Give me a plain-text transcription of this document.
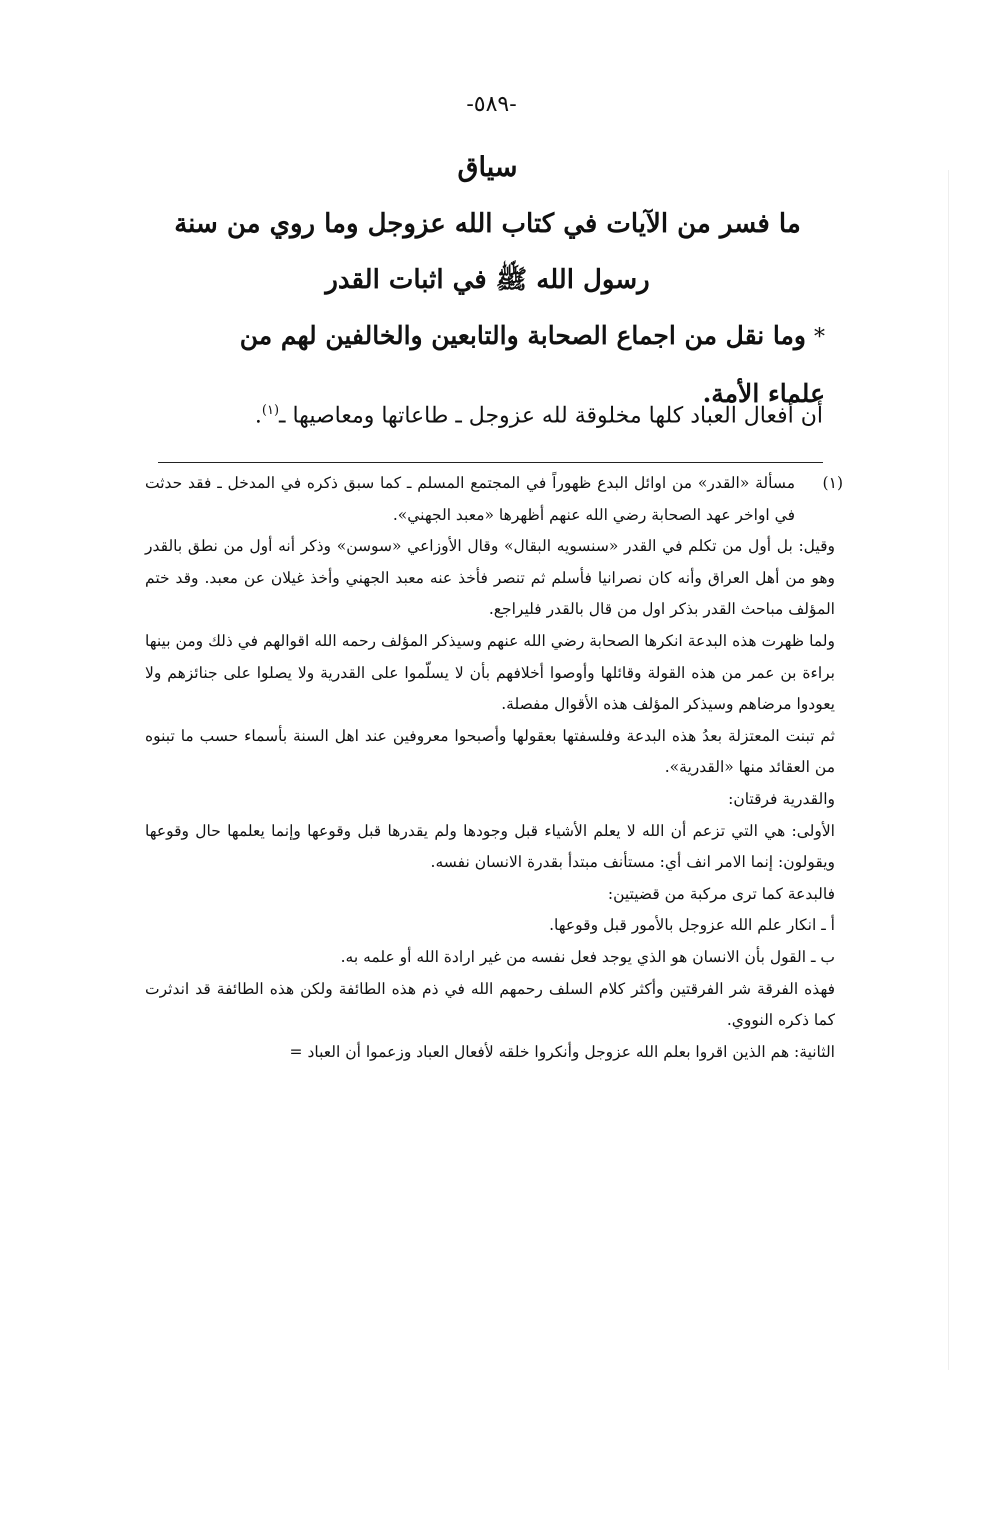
-٥٨٩-
سياق
ما فسر من الآيات في كتاب الله عزوجل وما روي من سنة
رسول الله ﷺ في اثبات القدر
*وما نقل من اجماع الصحابة والتابعين والخالفين لهم من
علماء الأمة.
أن أفعال العباد كلها مخلوقة لله عزوجل ـ طاعاتها ومعاصيها ـ$^{(١)}$.
(١)

مسألة «القدر» من اوائل البدع ظهوراً في المجتمع المسلم ـ كما سبق ذكره في المدخل ـ فقد حدثت في اواخر عهد الصحابة رضي الله عنهم أظهرها «معبد الجهني».

وقيل: بل أول من تكلم في القدر «سنسويه البقال» وقال الأوزاعي «سوسن» وذكر أنه أول من نطق بالقدر وهو من أهل العراق وأنه كان نصرانيا فأسلم ثم تنصر فأخذ عنه معبد الجهني وأخذ غيلان عن معبد. وقد ختم المؤلف مباحث القدر بذكر اول من قال بالقدر فليراجع.

ولما ظهرت هذه البدعة انكرها الصحابة رضي الله عنهم وسيذكر المؤلف رحمه الله اقوالهم في ذلك ومن بينها براءة بن عمر من هذه القولة وقائلها وأوصوا أخلافهم بأن لا يسلّموا على القدرية ولا يصلوا على جنائزهم ولا يعودوا مرضاهم وسيذكر المؤلف هذه الأقوال مفصلة.

ثم تبنت المعتزلة بعدُ هذه البدعة وفلسفتها بعقولها وأصبحوا معروفين عند اهل السنة بأسماء حسب ما تبنوه من العقائد منها «القدرية».

والقدرية فرقتان:

الأولى: هي التي تزعم أن الله لا يعلم الأشياء قبل وجودها ولم يقدرها قبل وقوعها وإنما يعلمها حال وقوعها ويقولون: إنما الامر انف أي: مستأنف مبتدأ بقدرة الانسان نفسه.

فالبدعة كما ترى مركبة من قضيتين:

أ ـ انكار علم الله عزوجل بالأمور قبل وقوعها.

ب ـ القول بأن الانسان هو الذي يوجد فعل نفسه من غير ارادة الله أو علمه به.

فهذه الفرقة شر الفرقتين وأكثر كلام السلف رحمهم الله في ذم هذه الطائفة ولكن هذه الطائفة قد اندثرت كما ذكره النووي.

الثانية: هم الذين اقروا بعلم الله عزوجل وأنكروا خلقه لأفعال العباد وزعموا أن العباد =
